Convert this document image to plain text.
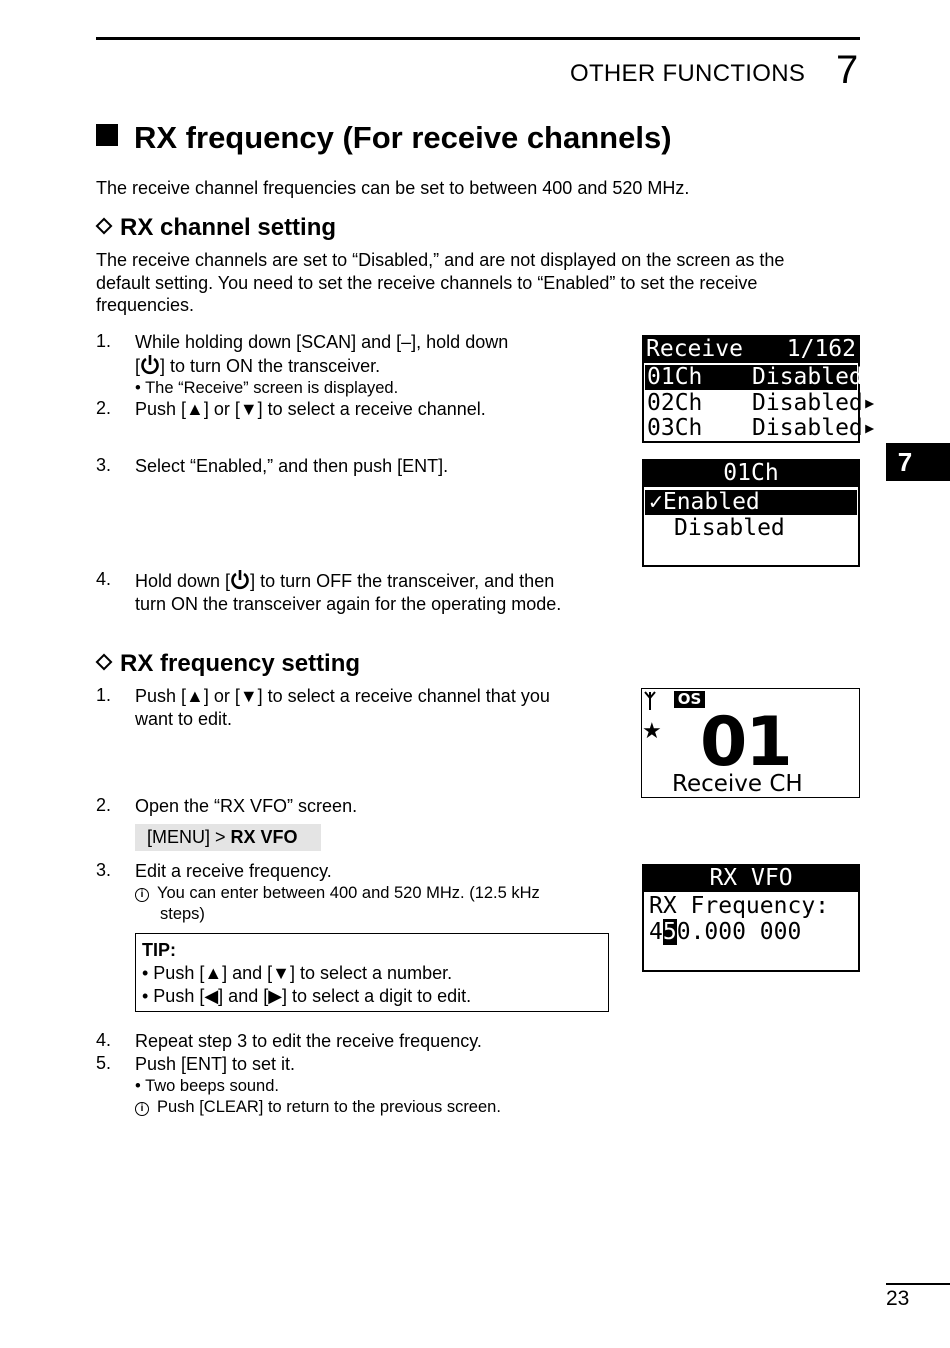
OTHER FUNCTIONS 7
RX frequency (For receive channels)
The receive channel frequencies can be set to between 400 and 520 MHz.
RX channel setting
The receive channels are set to “Disabled,” and are not displayed on the screen as the default setting. You need to set the receive channels to “Enabled” to set the receive frequencies.
1. While holding down [SCAN] and [–], hold down
[ ] to turn ON the transceiver.
• The “Receive” screen is displayed.
2. Push [▲] or [▼] to select a receive channel.
3. Select “Enabled,” and then push [ENT].
4. Hold down [ ] to turn OFF the transceiver, and then
turn ON the transceiver again for the operating mode.
Receive 1/162
01Ch Disabled▸
02Ch Disabled▸
03Ch Disabled▸
01Ch
✓Enabled
Disabled
7
RX frequency setting
1. Push [▲] or [▼] to select a receive channel that you
want to edit.
2. Open the “RX VFO” screen.
[MENU] > RX VFO
3. Edit a receive frequency.
i You can enter between 400 and 520 MHz. (12.5 kHz
steps)
TIP:
• Push [▲] and [▼] to select a number.
• Push [◀] and [▶] to select a digit to edit.
4. Repeat step 3 to edit the receive frequency.
5. Push [ENT] to set it.
• Two beeps sound.
i Push [CLEAR] to return to the previous screen.
OS
★ 01
Receive CH
RX VFO
RX Frequency:
450.000 000
23
